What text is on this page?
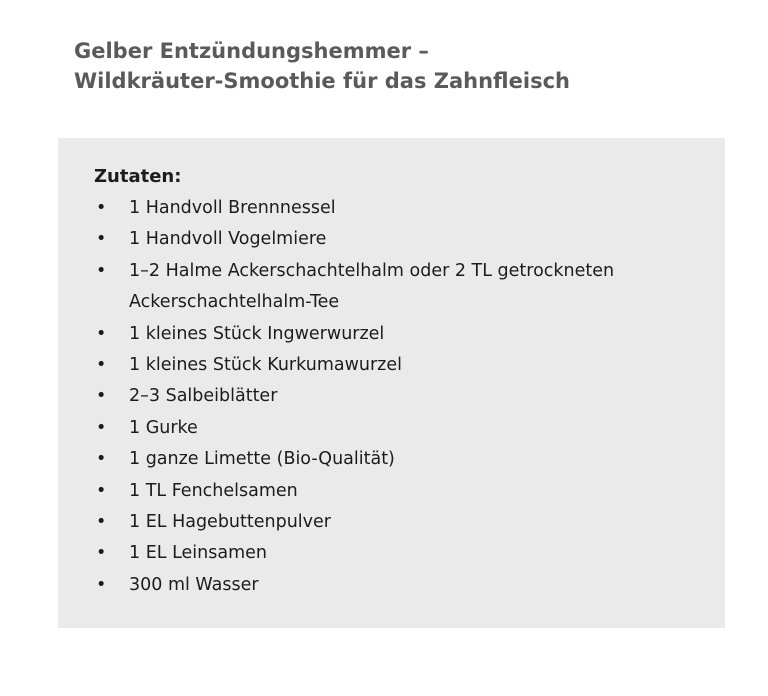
Gelber Entzündungshemmer –
Wildkräuter-Smoothie für das Zahnfleisch
Zutaten:
• 1 Handvoll Brennnessel
• 1 Handvoll Vogelmiere
• 1–2 Halme Ackerschachtelhalm oder 2 TL getrockneten Ackerschachtelhalm-Tee
• 1 kleines Stück Ingwerwurzel
• 1 kleines Stück Kurkumawurzel
• 2–3 Salbeiblätter
• 1 Gurke
• 1 ganze Limette (Bio-Qualität)
• 1 TL Fenchelsamen
• 1 EL Hagebuttenpulver
• 1 EL Leinsamen
• 300 ml Wasser
